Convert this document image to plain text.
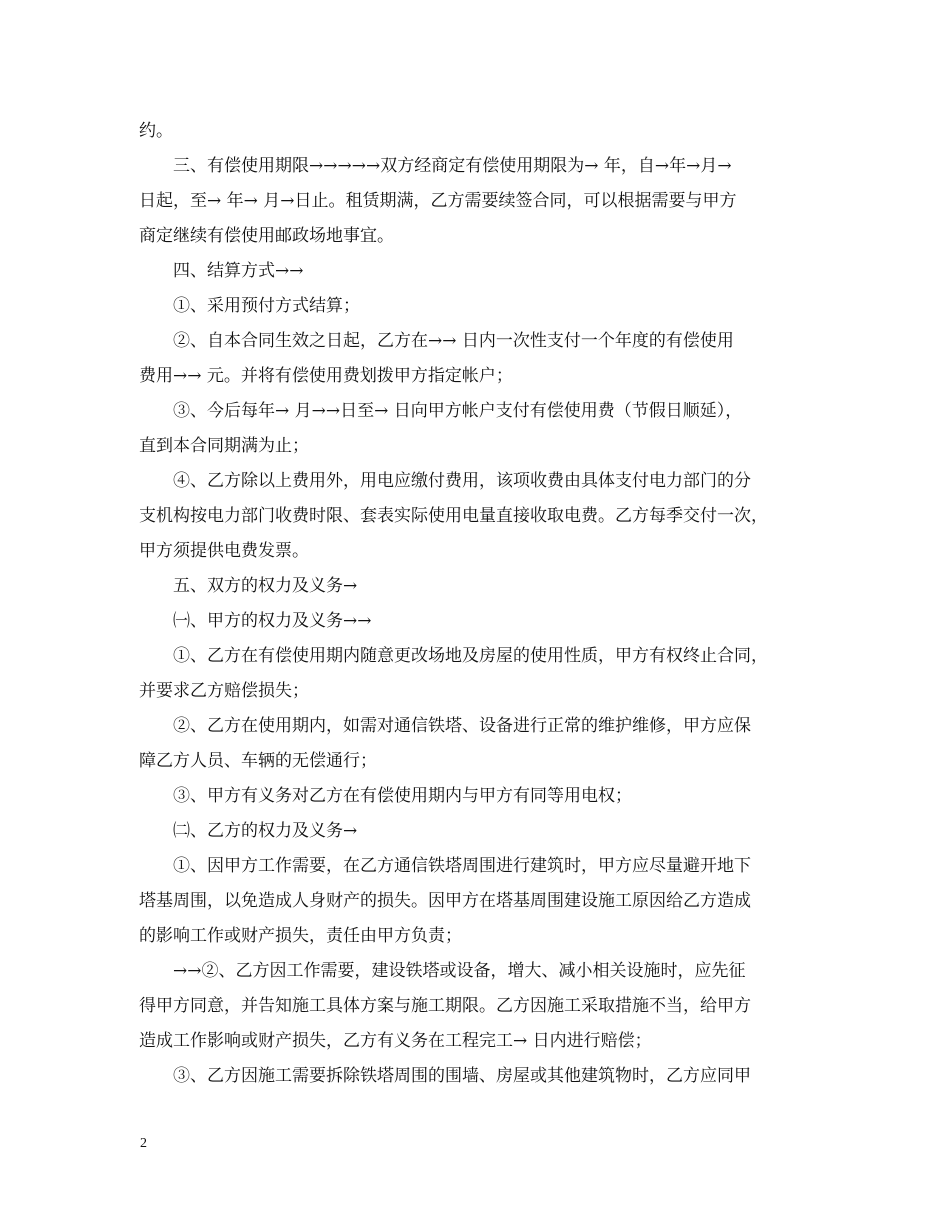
约。
三、有偿使用期限→→→→→双方经商定有偿使用期限为→ 年，自→年→月→
日起，至→ 年→ 月→日止。租赁期满，乙方需要续签合同，可以根据需要与甲方
商定继续有偿使用邮政场地事宜。
四、结算方式→→
①、采用预付方式结算；
②、自本合同生效之日起，乙方在→→ 日内一次性支付一个年度的有偿使用
费用→→ 元。并将有偿使用费划拨甲方指定帐户；
③、今后每年→ 月→→日至→ 日向甲方帐户支付有偿使用费（节假日顺延），
直到本合同期满为止；
④、乙方除以上费用外，用电应缴付费用，该项收费由具体支付电力部门的分
支机构按电力部门收费时限、套表实际使用电量直接收取电费。乙方每季交付一次，
甲方须提供电费发票。
五、双方的权力及义务→
㈠、甲方的权力及义务→→
①、乙方在有偿使用期内随意更改场地及房屋的使用性质，甲方有权终止合同，
并要求乙方赔偿损失；
②、乙方在使用期内，如需对通信铁塔、设备进行正常的维护维修，甲方应保
障乙方人员、车辆的无偿通行；
③、甲方有义务对乙方在有偿使用期内与甲方有同等用电权；
㈡、乙方的权力及义务→
①、因甲方工作需要，在乙方通信铁塔周围进行建筑时，甲方应尽量避开地下
塔基周围，以免造成人身财产的损失。因甲方在塔基周围建设施工原因给乙方造成
的影响工作或财产损失，责任由甲方负责；
→→②、乙方因工作需要，建设铁塔或设备，增大、减小相关设施时，应先征
得甲方同意，并告知施工具体方案与施工期限。乙方因施工采取措施不当，给甲方
造成工作影响或财产损失，乙方有义务在工程完工→ 日内进行赔偿；
③、乙方因施工需要拆除铁塔周围的围墙、房屋或其他建筑物时，乙方应同甲
2
